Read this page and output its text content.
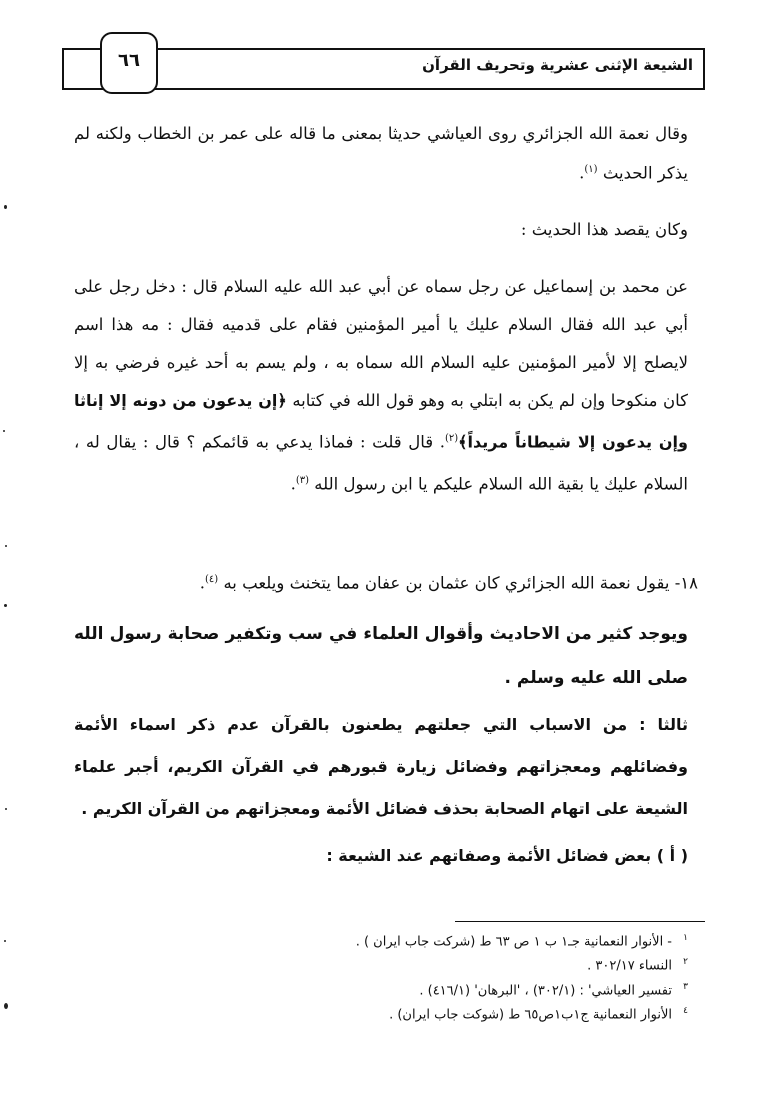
الشيعة الإثنى عشرية وتحريف القرآن
٦٦

وقال نعمة الله الجزائري روى العياشي حديثا بمعنى ما قاله على عمر بن الخطاب ولكنه لم يذكر الحديث $^{(١)}$.

وكان يقصد هذا الحديث :

عن محمد بن إسماعيل عن رجل سماه عن أبي عبد الله عليه السلام قال : دخل رجل على أبي عبد الله فقال السلام عليك يا أمير المؤمنين فقام على قدميه فقال : مه هذا اسم لايصلح إلا لأمير المؤمنين عليه السلام الله سماه به ، ولم يسم به أحد غيره فرضي به إلا كان منكوحا وإن لم يكن به ابتلي به وهو قول الله في كتابه ﴿إن يدعون من دونه إلا إناثا وإن يدعون إلا شيطاناً مريداً﴾$^{(٢)}$. قال قلت : فماذا يدعي به قائمكم ؟ قال : يقال له ، السلام عليك يا بقية الله السلام عليكم يا ابن رسول الله $^{(٣)}$.

١٨- يقول نعمة الله الجزائري كان عثمان بن عفان مما يتخنث ويلعب به $^{(٤)}$.

ويوجد كثير من الاحاديث وأقوال العلماء في سب وتكفير صحابة رسول الله صلى الله عليه وسلم .

ثالثا : من الاسباب التي جعلتهم يطعنون بالقرآن عدم ذكر اسماء الأئمة وفضائلهم ومعجزاتهم وفضائل زيارة قبورهم في القرآن الكريم، أجبر علماء الشيعة على اتهام الصحابة بحذف فضائل الأئمة ومعجزاتهم من القرآن الكريم .

( أ ) بعض فضائل الأئمة وصفاتهم عند الشيعة :

١- الأنوار النعمانية جـ١ ب ١ ص ٦٣ ط (شركت جاب ايران ) .
٢النساء ٣٠٢/١٧ .
٣تفسير العياشي' : (٣٠٢/١) ، 'البرهان' (٤١٦/١) .
٤الأنوار النعمانية ج١ب١ص٦٥ ط (شوكت جاب ايران) .
